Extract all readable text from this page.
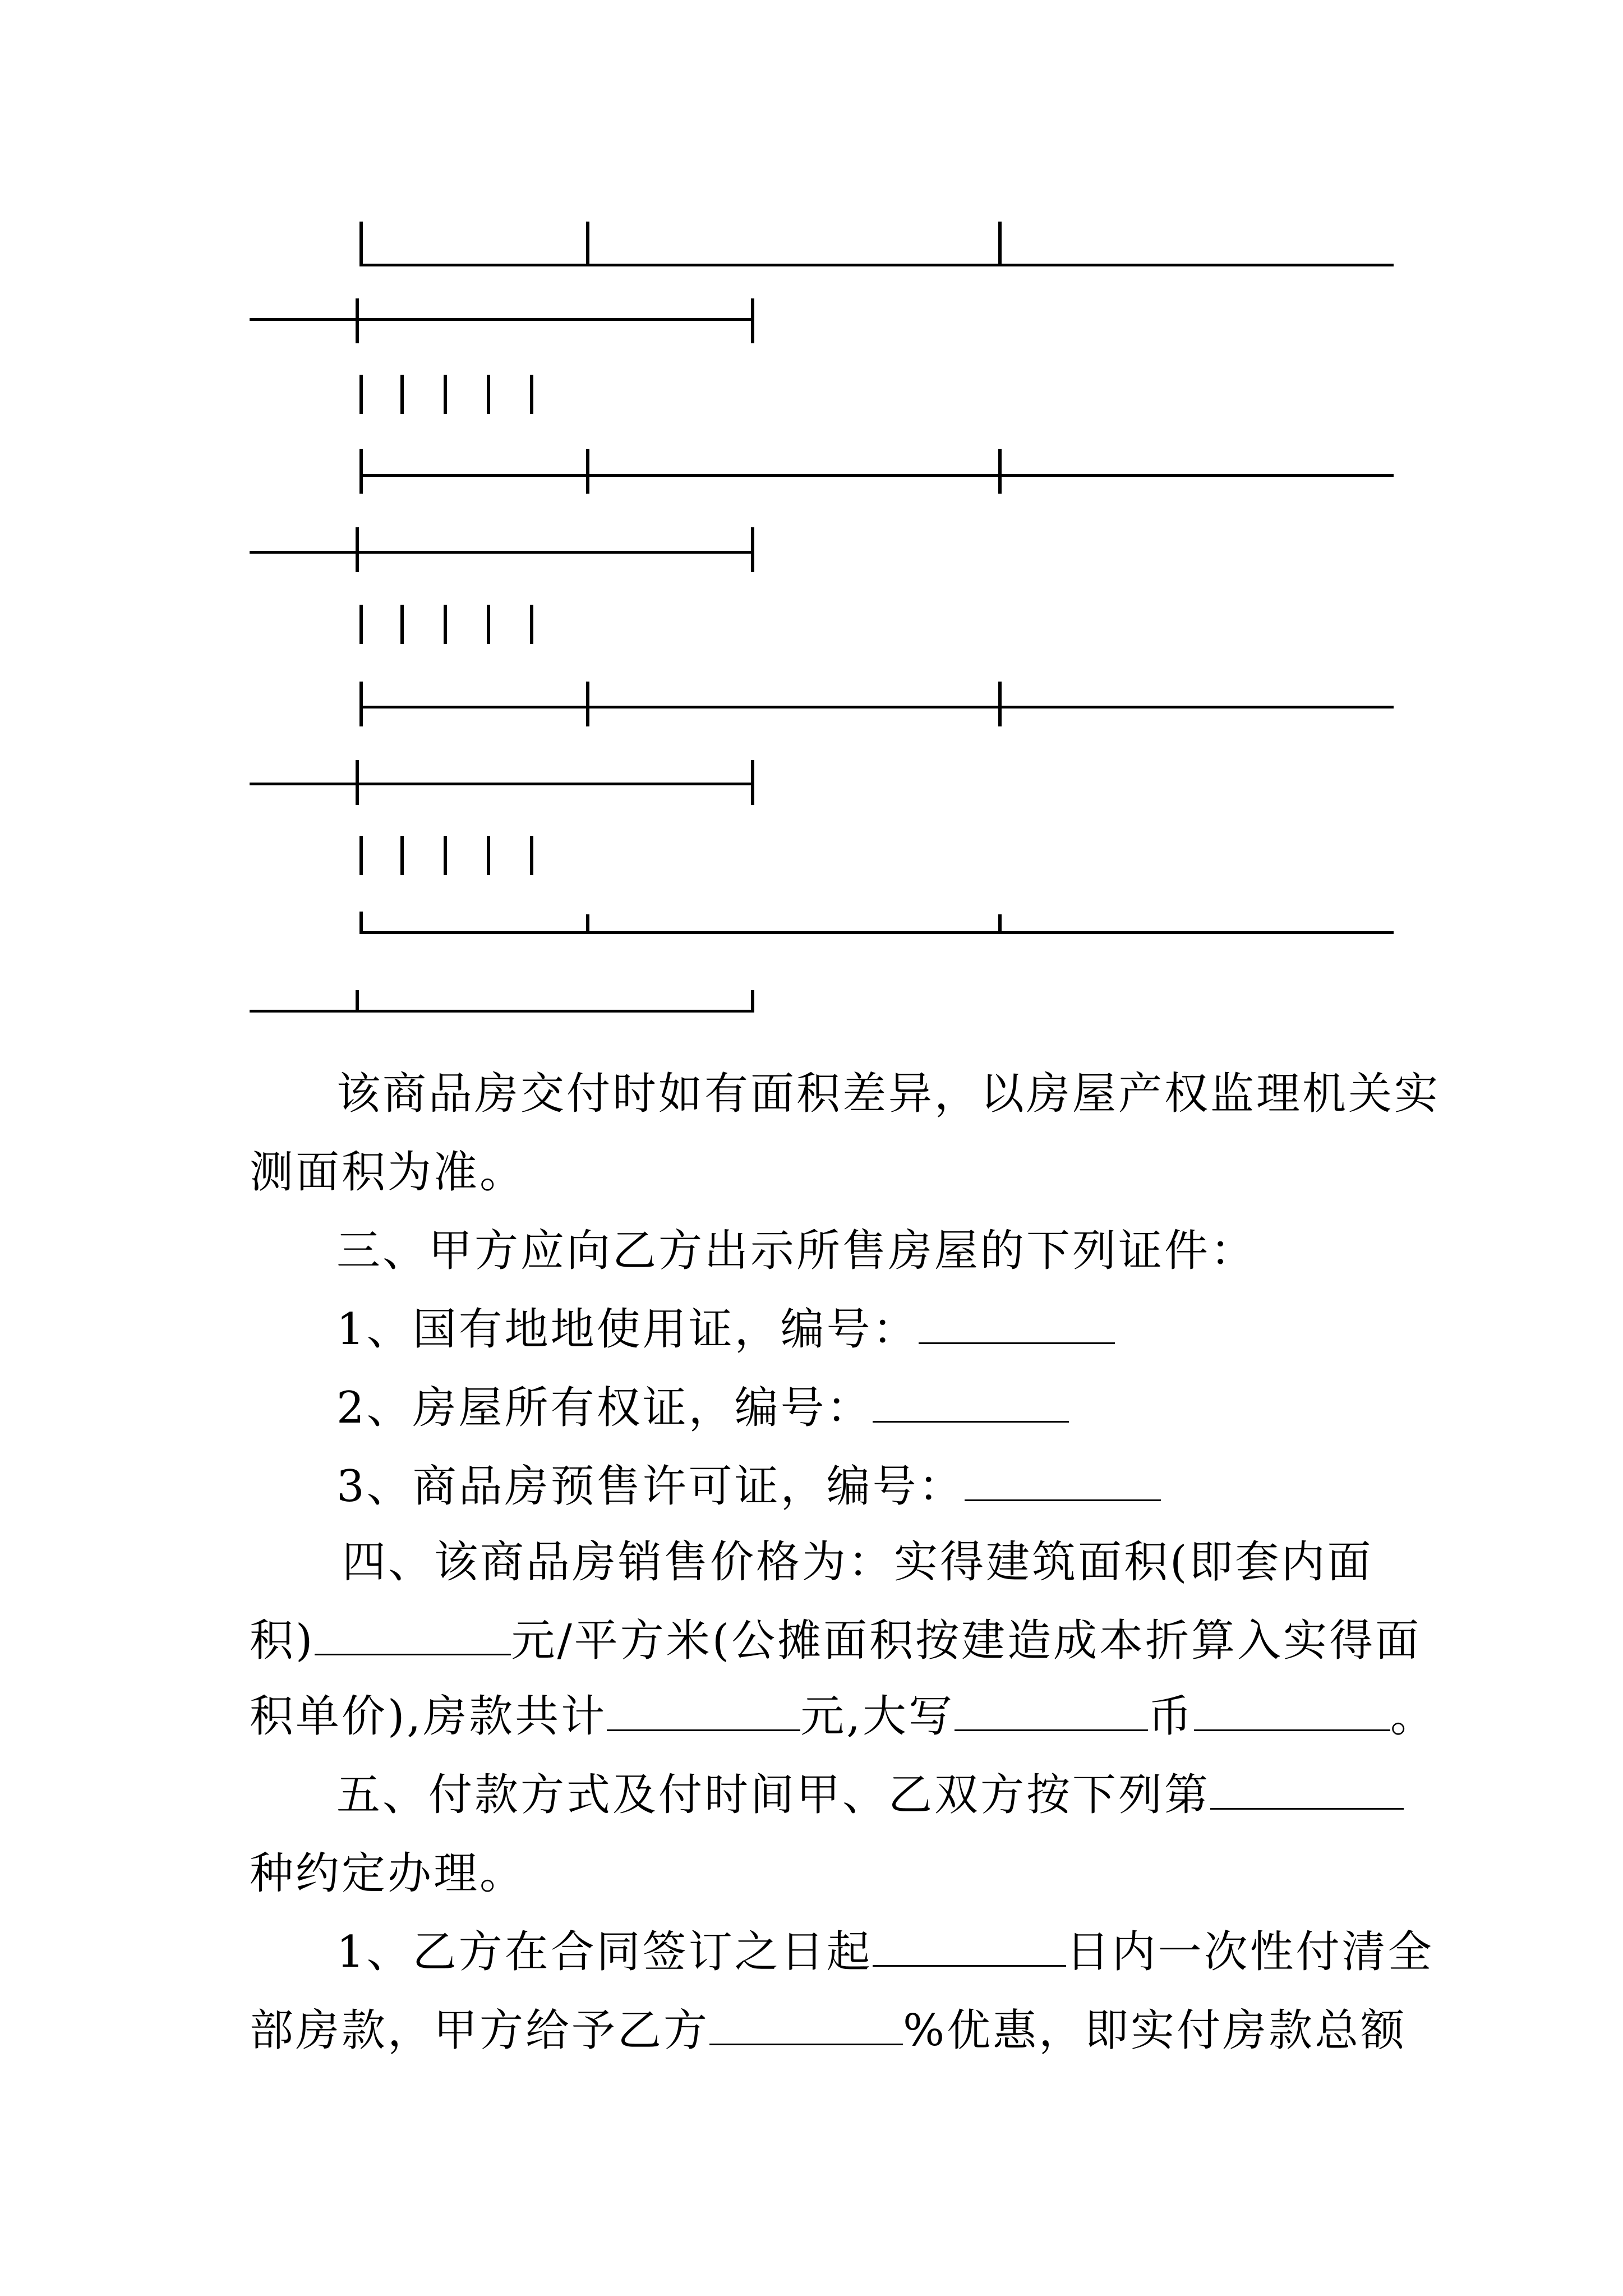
该商品房交付时如有面积差异，以房屋产权监理机关实
测面积为准。
三、甲方应向乙方出示所售房屋的下列证件：
1、国有地地使用证，编号：
2、房屋所有权证，编号：
3、商品房预售许可证，编号：
四、该商品房销售价格为：实得建筑面积(即套内面
积)	元/平方米(公摊面积按建造成本折算入实得面
积单价),房款共计	元,大写	币	。
五、付款方式及付时间甲、乙双方按下列第
种约定办理。
1、乙方在合同签订之日起	日内一次性付清全
部房款，甲方给予乙方	%优惠，即实付房款总额
